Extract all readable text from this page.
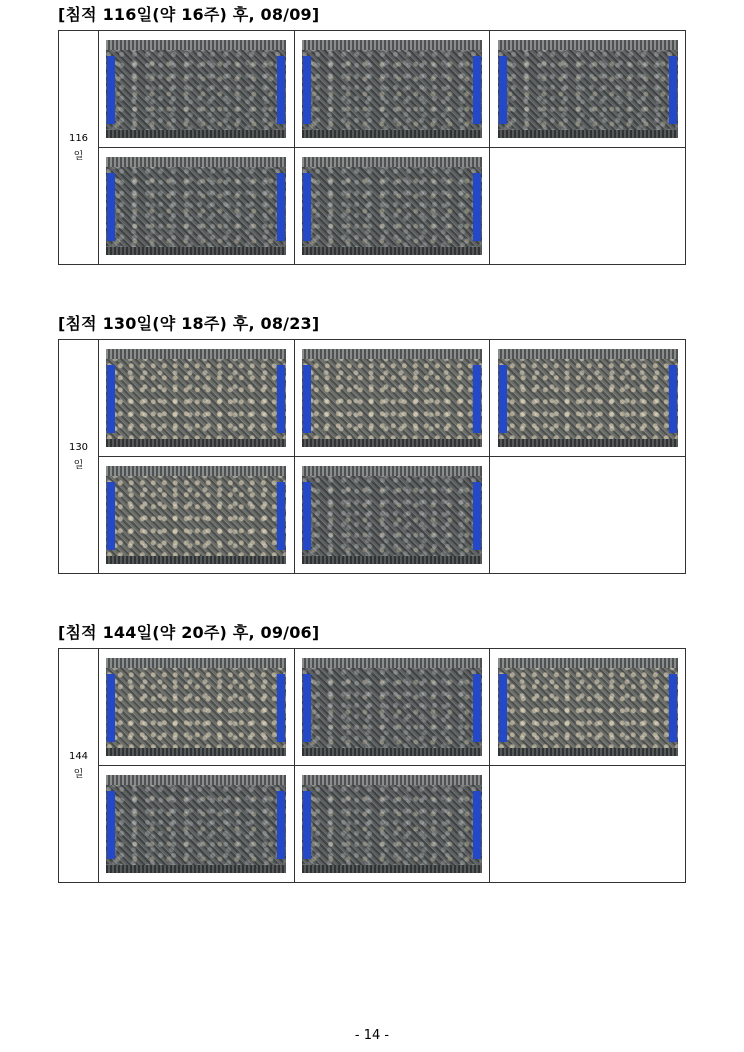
[침적 116일(약 16주) 후, 08/09]
116
일			

[침적 130일(약 18주) 후, 08/23]
130
일			

[침적 144일(약 20주) 후, 09/06]
144
일			

- 14 -
